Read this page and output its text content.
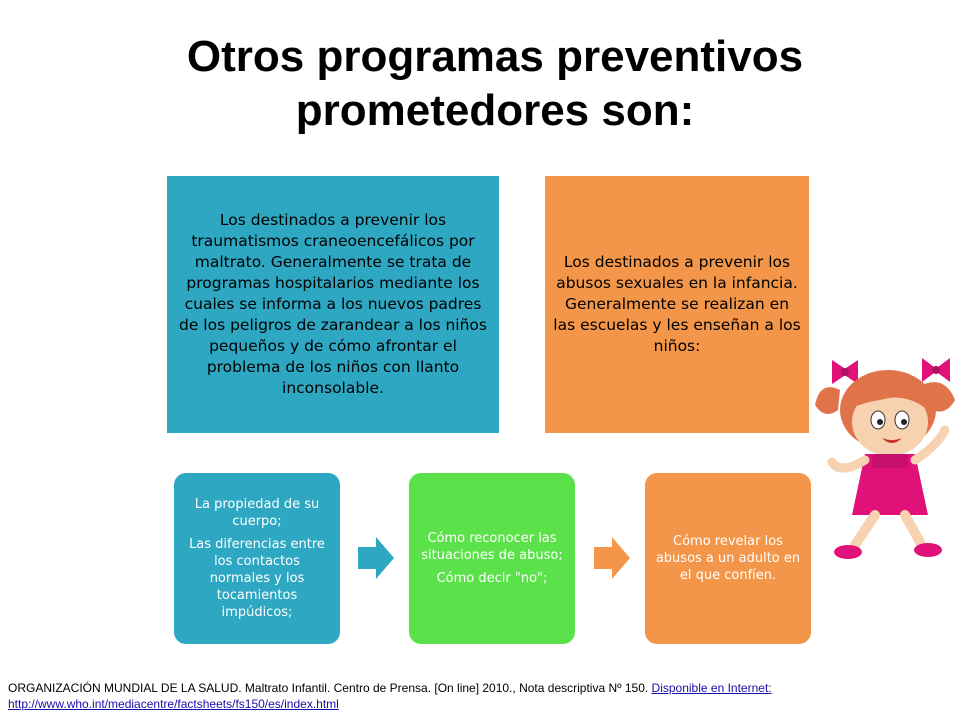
Otros programas preventivos
prometedores son:
Los destinados a prevenir los traumatismos craneoencefálicos por maltrato. Generalmente se trata de programas hospitalarios mediante los cuales se informa a los nuevos padres de los peligros de zarandear a los niños pequeños y de cómo afrontar el problema de los niños con llanto inconsolable.
Los destinados a prevenir los abusos sexuales en la infancia. Generalmente se realizan en las escuelas y les enseñan a los niños:

La propiedad de su cuerpo;

Las diferencias entre los contactos normales y los tocamientos impúdicos;

Cómo reconocer las situaciones de abuso;

Cómo decir "no";

Cómo revelar los abusos a un adulto en el que confíen.

ORGANIZACIÓN MUNDIAL DE LA SALUD. Maltrato Infantil. Centro de Prensa. [On line] 2010., Nota descriptiva Nº 150. Disponible en Internet:
http://www.who.int/mediacentre/factsheets/fs150/es/index.html
